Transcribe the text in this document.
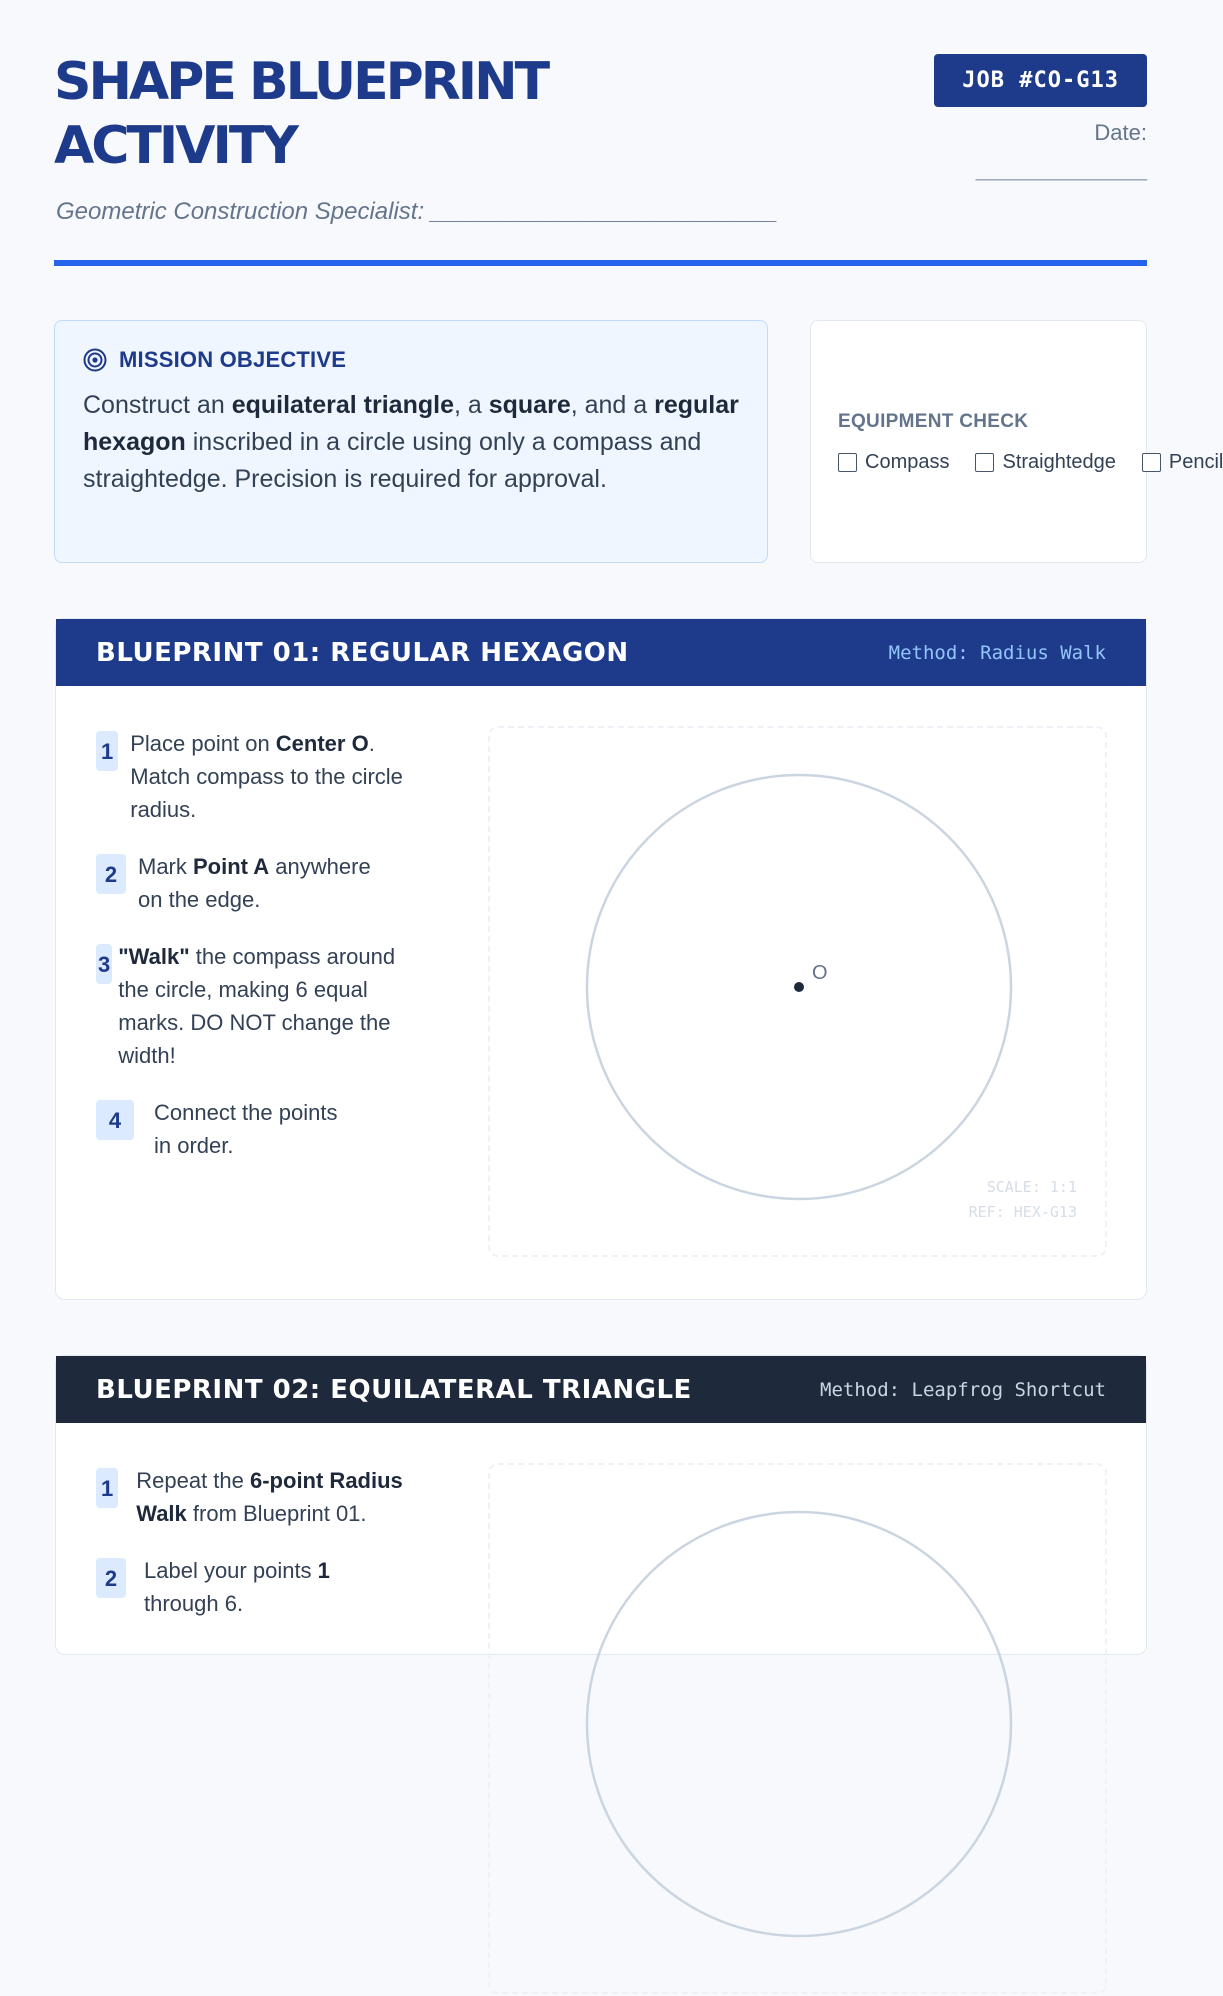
SHAPE BLUEPRINT ACTIVITY
Geometric Construction Specialist: __________________________
JOB #CO-G13
Date:
______________
MISSION OBJECTIVE

Construct an equilateral triangle, a square, and a regular hexagon inscribed in a circle using only a compass and straightedge. Precision is required for approval.

EQUIPMENT CHECK
Compass	Straightedge	Pencil
BLUEPRINT 01: REGULAR HEXAGON	Method: Radius Walk
1 Place point on Center O. Match compass to the circle radius.
2 Mark Point A anywhere on the edge.
3 "Walk" the compass around the circle, making 6 equal marks. DO NOT change the width!
4	Connect the points in order.
O
SCALE: 1:1
REF: HEX-G13
BLUEPRINT 02: EQUILATERAL TRIANGLE	Method: Leapfrog Shortcut
1 Repeat the 6-point Radius Walk from Blueprint 01.
2	Label your points 1 through 6.
